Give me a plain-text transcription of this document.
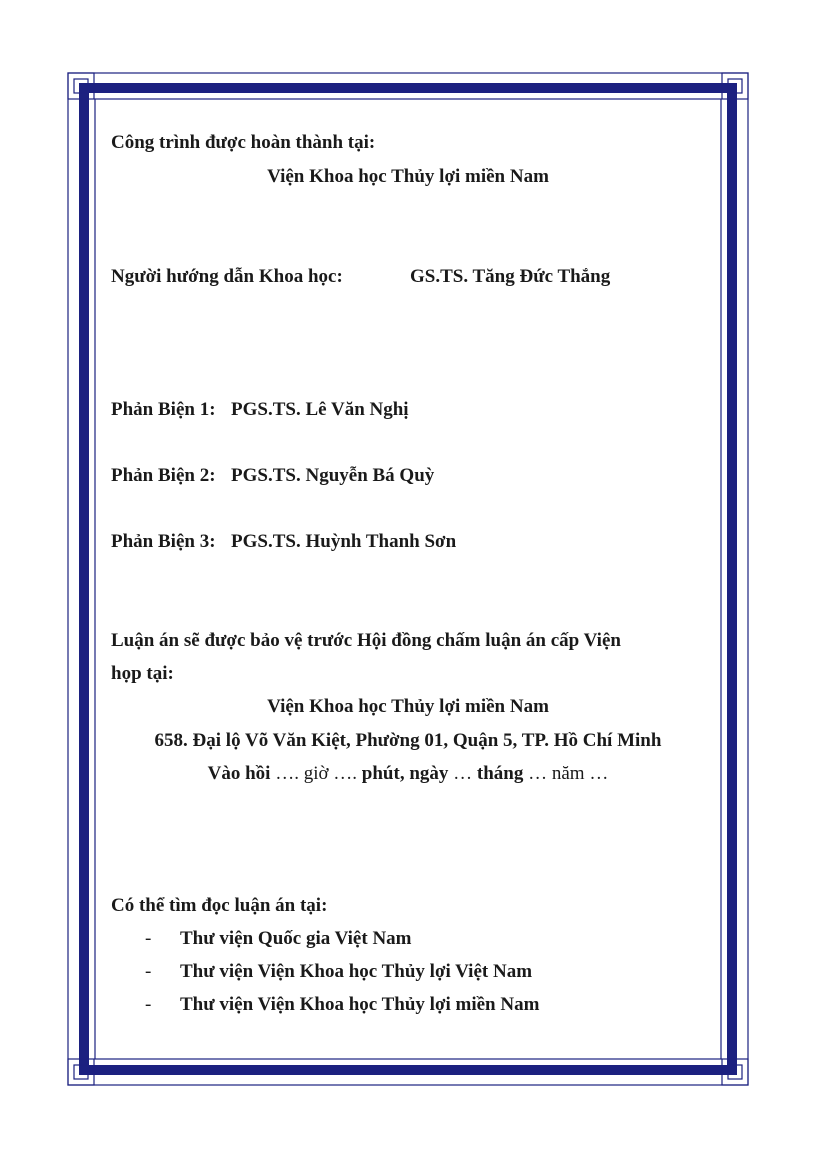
Công trình được hoàn thành tại:
Viện Khoa học Thủy lợi miền Nam
Người hướng dẫn Khoa học:	GS.TS. Tăng Đức Thắng
Phản Biện 1: PGS.TS. Lê Văn Nghị
Phản Biện 2: PGS.TS. Nguyễn Bá Quỳ
Phản Biện 3: PGS.TS. Huỳnh Thanh Sơn
Luận án sẽ được bảo vệ trước Hội đồng chấm luận án cấp Viện
họp tại:
Viện Khoa học Thủy lợi miền Nam
658. Đại lộ Võ Văn Kiệt, Phường 01, Quận 5, TP. Hồ Chí Minh
Vào hồi …. giờ …. phút, ngày … tháng … năm …
Có thể tìm đọc luận án tại:
- Thư viện Quốc gia Việt Nam
- Thư viện Viện Khoa học Thủy lợi Việt Nam
- Thư viện Viện Khoa học Thủy lợi miền Nam
